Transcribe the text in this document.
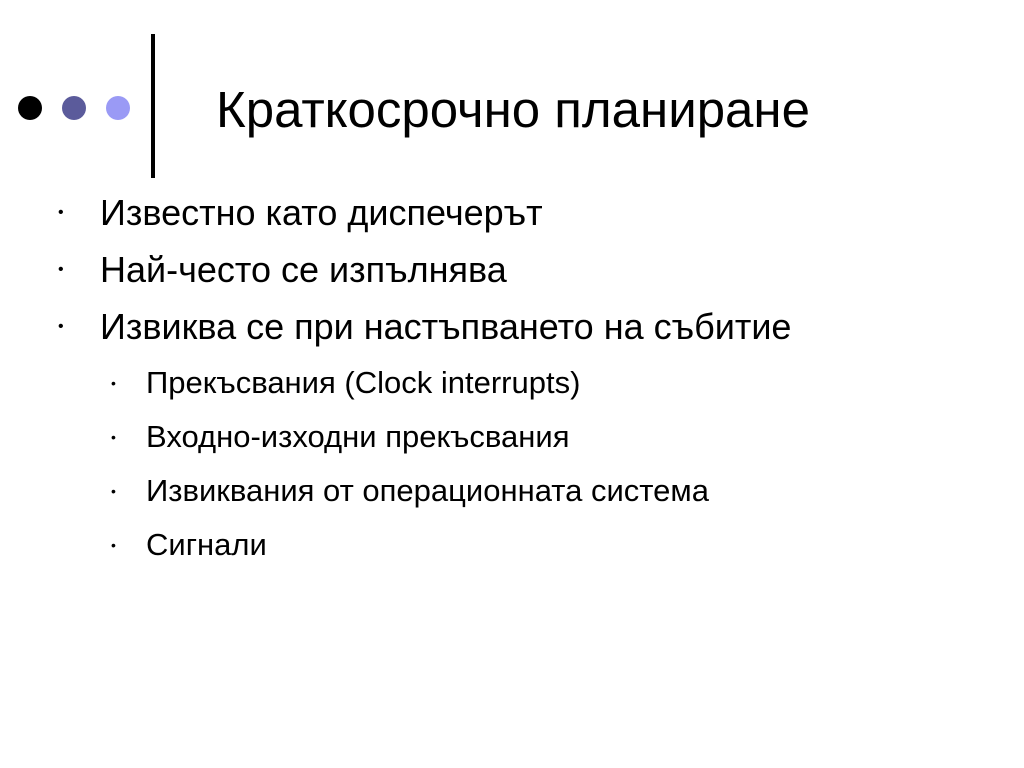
Краткосрочно планиране
• Известно като диспечерът
• Най-често се изпълнява
• Извиква се при настъпването на събитие
• Прекъсвания (Clock interrupts)
• Входно-изходни прекъсвания
• Извиквания от операционната система
• Сигнали
